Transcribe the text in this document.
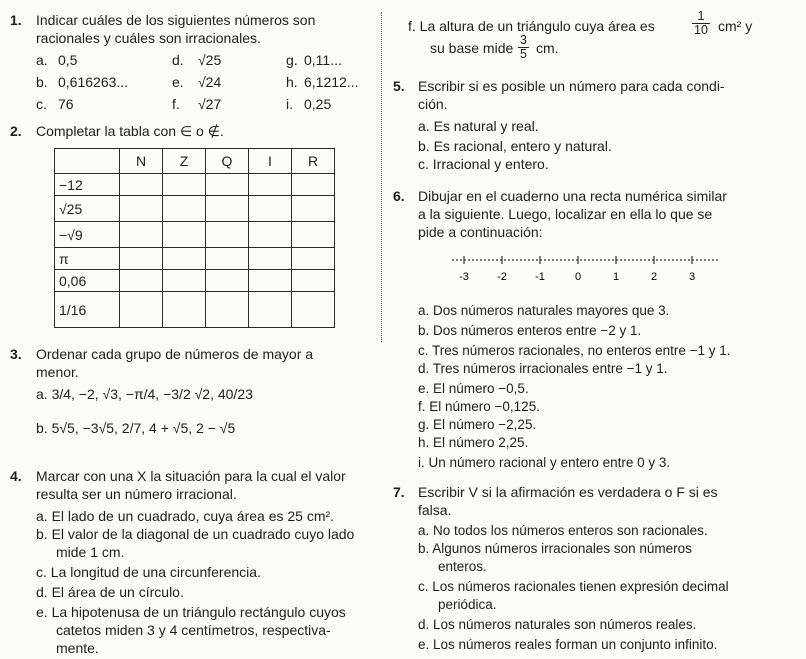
1. Indicar cuáles de los siguientes números son
racionales y cuáles son irracionales.
a. 0,5	d. √25	g. 0,11...
b. 0,616263...	e. √24	h. 6,1212...
c. 76	f. √27	i. 0,25
2. Completar la tabla con ∈ o ∉.
	N	Z	Q	I	R
−12					
√25					
−√9					
π					
0,06					
1/16					
3. Ordenar cada grupo de números de mayor a
menor.
a. 3/4, −2, √3, −π/4, −3/2 √2, 40/23
b. 5√5, −3√5, 2/7, 4 + √5, 2 − √5
4. Marcar con una X la situación para la cual el valor
resulta ser un número irracional.
a. El lado de un cuadrado, cuya área es 25 cm².
b. El valor de la diagonal de un cuadrado cuyo lado
mide 1 cm.
c. La longitud de una circunferencia.
d. El área de un círculo.
e. La hipotenusa de un triángulo rectángulo cuyos
catetos miden 3 y 4 centímetros, respectiva-
mente.
f. La altura de un triángulo cuya área es	$\frac{1}{10} cm^2$ y
su base mide $\frac{3}{5}$ cm.
5. Escribir si es posible un número para cada condi-
ción.
a. Es natural y real.
b. Es racional, entero y natural.
c. Irracional y entero.
6. Dibujar en el cuaderno una recta numérica similar
a la siguiente. Luego, localizar en ella lo que se
pide a continuación:
-3	-2	-1	0	1	2	3
a. Dos números naturales mayores que 3.
b. Dos números enteros entre −2 y 1.
c. Tres números racionales, no enteros entre −1 y 1.
d. Tres números irracionales entre −1 y 1.
e. El número −0,5.
f. El número −0,125.
g. El número −2,25.
h. El número 2,25.
i. Un número racional y entero entre 0 y 3.
7. Escribir V si la afirmación es verdadera o F si es
falsa.
a. No todos los números enteros son racionales.
b. Algunos números irracionales son números
enteros.
c. Los números racionales tienen expresión decimal
periódica.
d. Los números naturales son números reales.
e. Los números reales forman un conjunto infinito.
